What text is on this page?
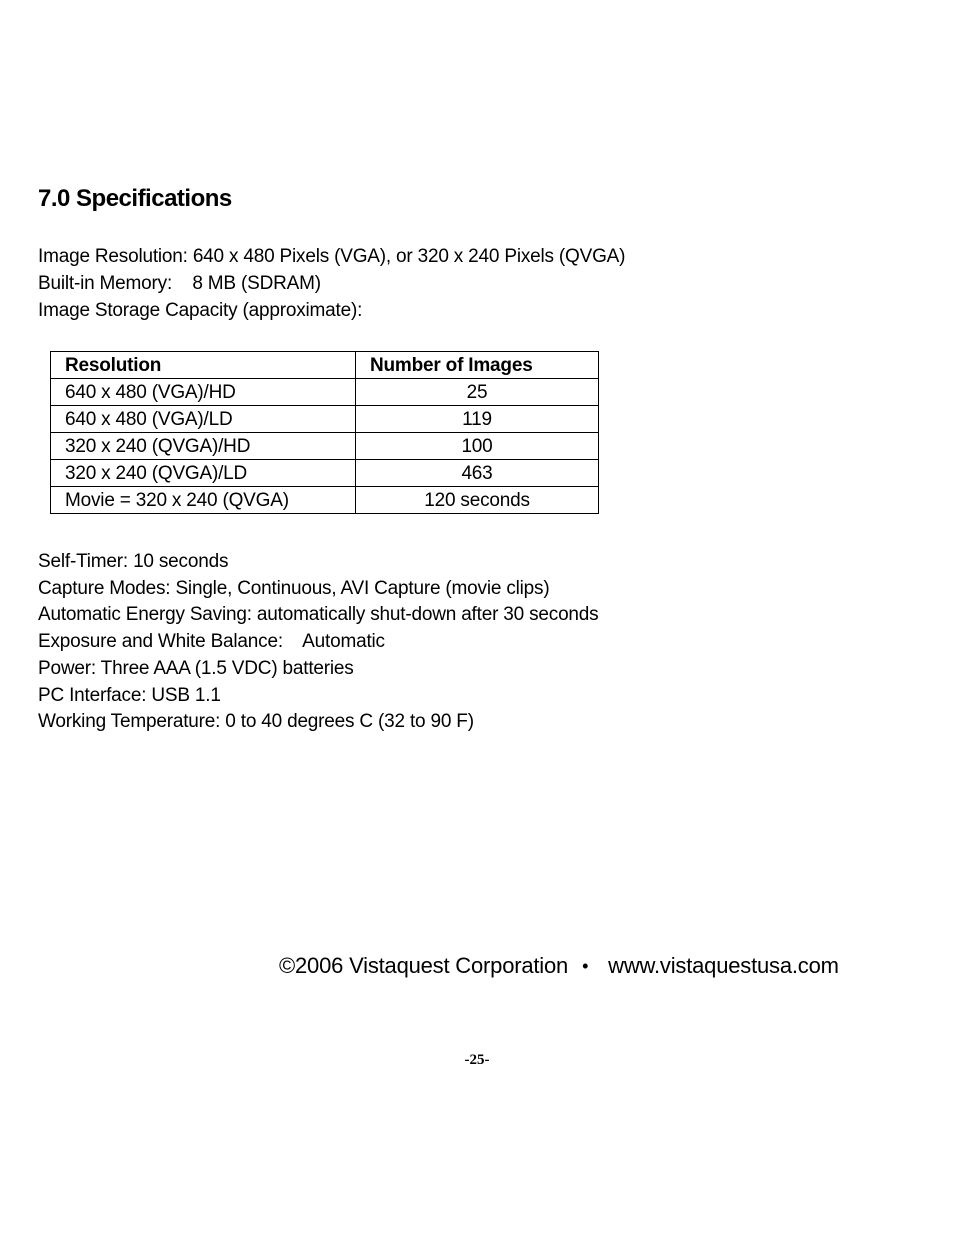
7.0 Specifications
Image Resolution: 640 x 480 Pixels (VGA), or 320 x 240 Pixels (QVGA)
Built-in Memory:    8 MB (SDRAM)
Image Storage Capacity (approximate):
Resolution	Number of Images
640 x 480 (VGA)/HD	25
640 x 480 (VGA)/LD	119
320 x 240 (QVGA)/HD	100
320 x 240 (QVGA)/LD	463
Movie = 320 x 240 (QVGA)	120 seconds
Self-Timer: 10 seconds
Capture Modes: Single, Continuous, AVI Capture (movie clips)
Automatic Energy Saving: automatically shut-down after 30 seconds
Exposure and White Balance:    Automatic
Power: Three AAA (1.5 VDC) batteries
PC Interface: USB 1.1
Working Temperature: 0 to 40 degrees C (32 to 90 F)
©2006 Vistaquest Corporation • www.vistaquestusa.com
-25-
